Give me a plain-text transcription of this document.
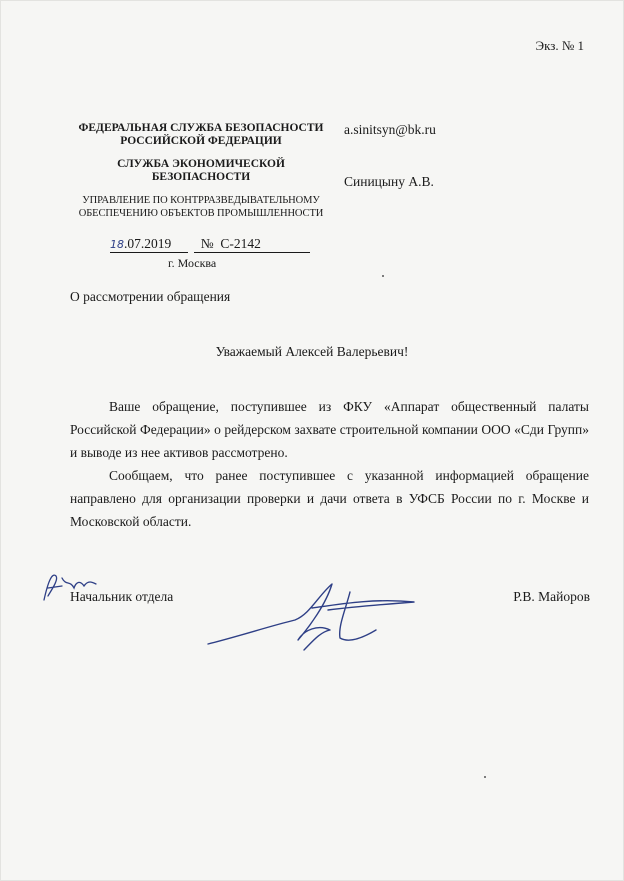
Экз. № 1
ФЕДЕРАЛЬНАЯ СЛУЖБА БЕЗОПАСНОСТИ
РОССИЙСКОЙ ФЕДЕРАЦИИ
СЛУЖБА ЭКОНОМИЧЕСКОЙ
БЕЗОПАСНОСТИ
УПРАВЛЕНИЕ ПО КОНТРРАЗВЕДЫВАТЕЛЬНОМУ
ОБЕСПЕЧЕНИЮ ОБЪЕКТОВ ПРОМЫШЛЕННОСТИ
a.sinitsyn@bk.ru
Синицыну А.В.
18.07.2019 № С-2142
г. Москва
О рассмотрении обращения
Уважаемый Алексей Валерьевич!

Ваше обращение, поступившее из ФКУ «Аппарат общественный палаты Российской Федерации» о рейдерском захвате строительной компании ООО «Сди Групп» и выводе из нее активов рассмотрено.

Сообщаем, что ранее поступившее с указанной информацией обращение направлено для организации проверки и дачи ответа в УФСБ России по г. Москве и Московской области.

Начальник отдела	Р.В. Майоров
